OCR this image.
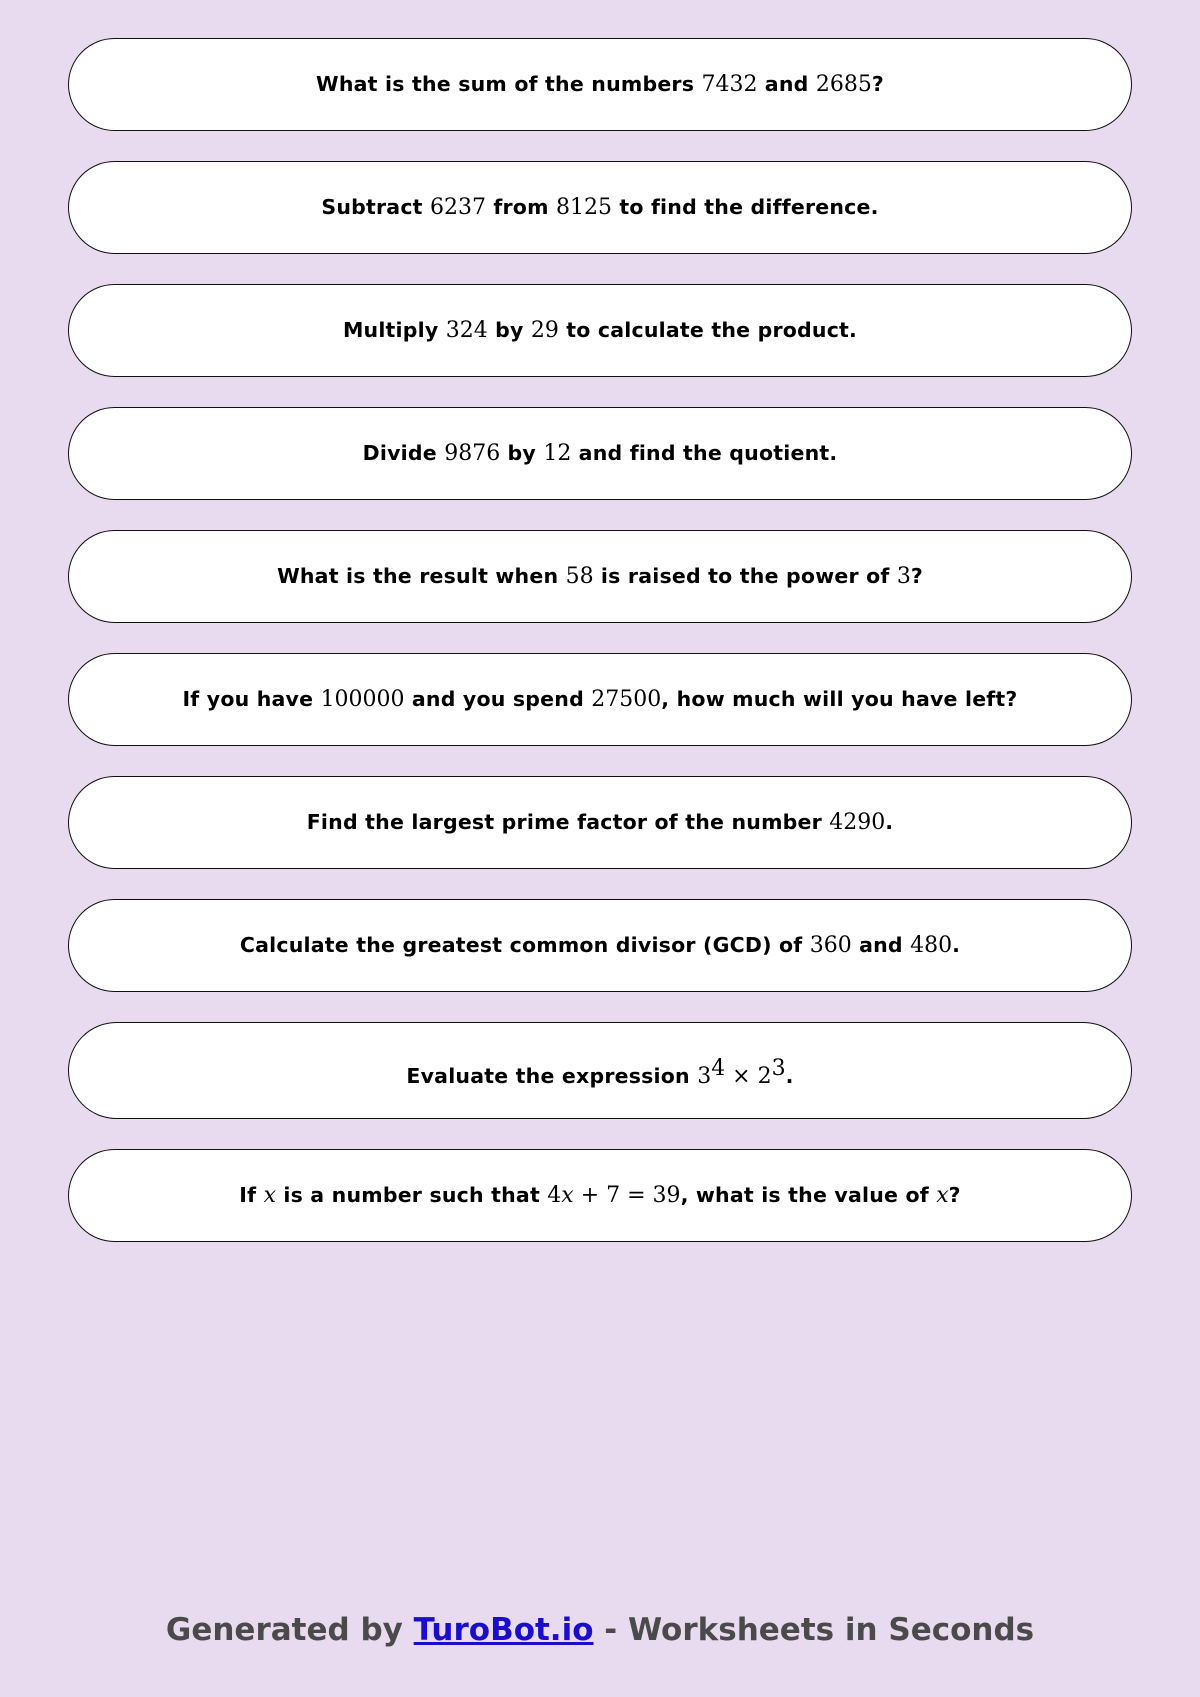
What is the sum of the numbers 7432 and 2685?
Subtract 6237 from 8125 to find the difference.
Multiply 324 by 29 to calculate the product.
Divide 9876 by 12 and find the quotient.
What is the result when 58 is raised to the power of 3?
If you have 100000 and you spend 27500, how much will you have left?
Find the largest prime factor of the number 4290.
Calculate the greatest common divisor (GCD) of 360 and 480.
Evaluate the expression $3^4 \times 2^3$.
If x is a number such that 4x + 7 = 39, what is the value of x?
Generated by TuroBot.io - Worksheets in Seconds
